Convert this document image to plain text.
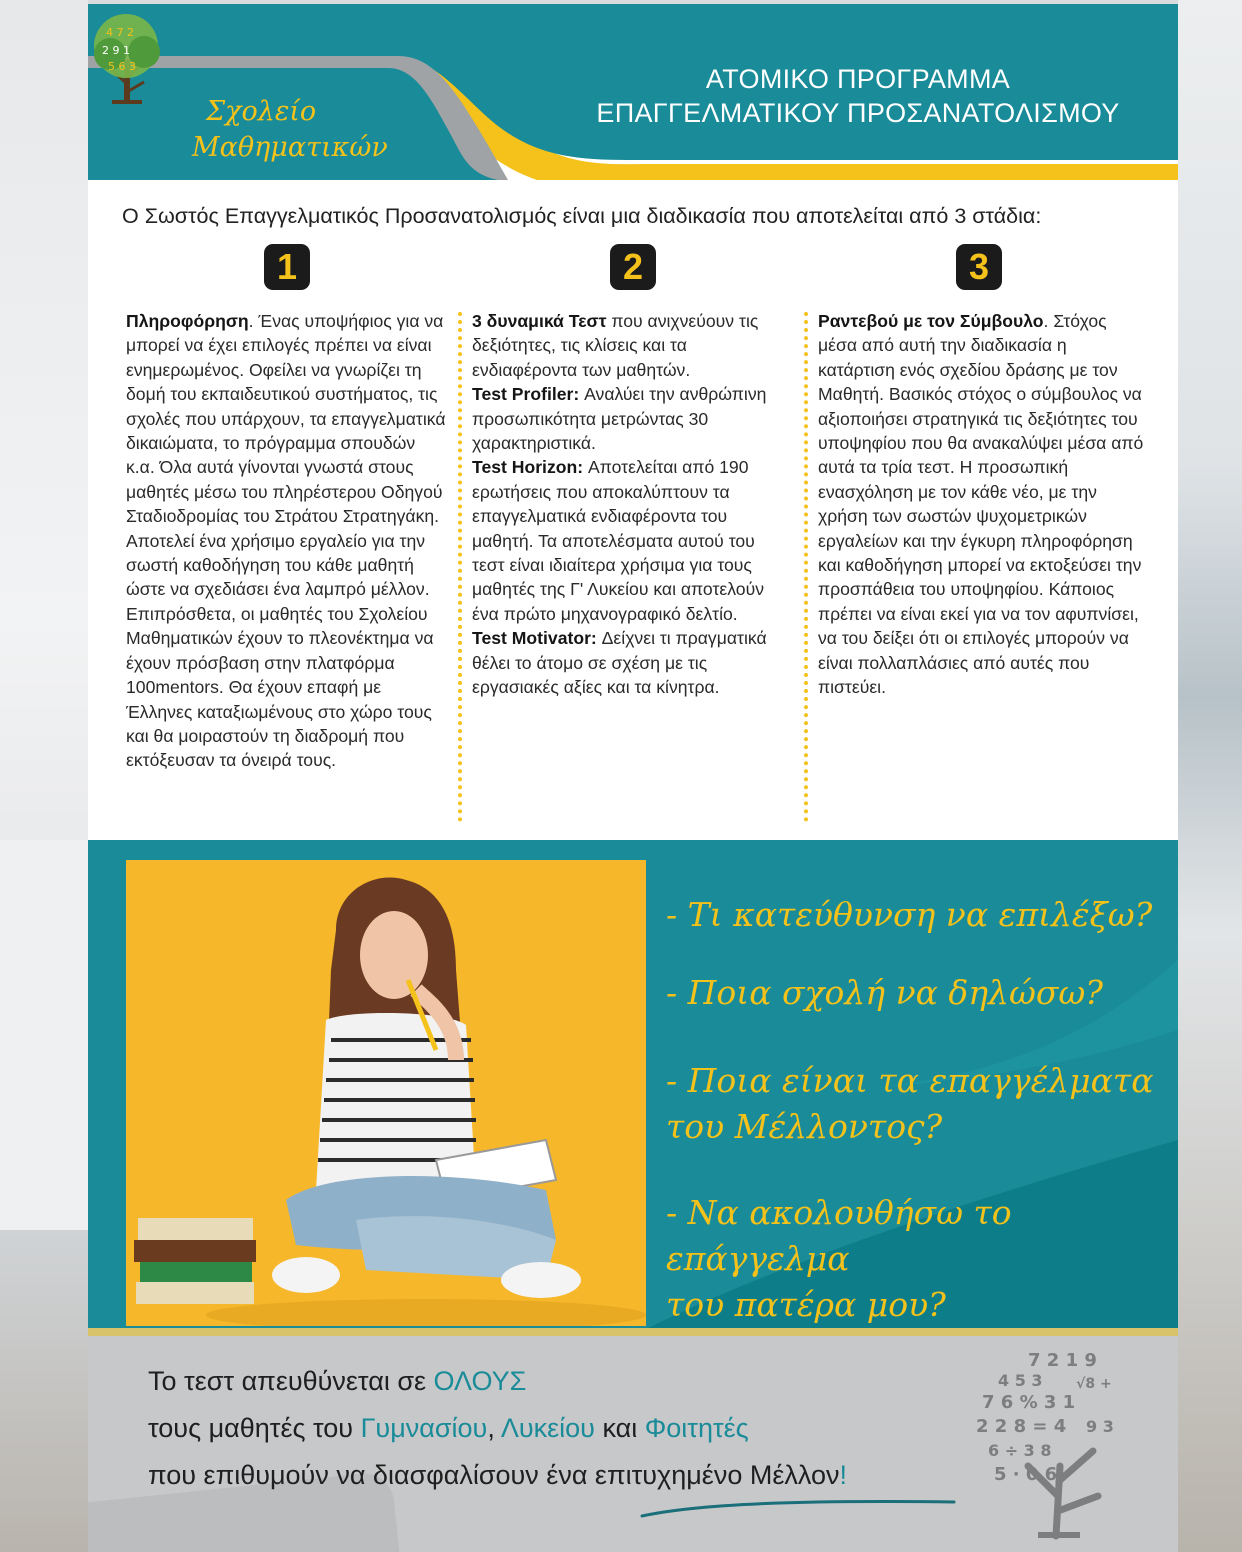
4 7 2
2 9 1
5 6 3
Σχολείο
Μαθηματικών
ΑΤΟΜΙΚΟ ΠΡΟΓΡΑΜΜΑ
ΕΠΑΓΓΕΛΜΑΤΙΚΟΥ ΠΡΟΣΑΝΑΤΟΛΙΣΜΟΥ
Ο Σωστός Επαγγελματικός Προσανατολισμός είναι μια διαδικασία που αποτελείται από 3 στάδια:
1	2	3

Πληροφόρηση. Ένας υποψήφιος για να μπορεί να έχει επιλογές πρέπει να είναι ενημερωμένος. Οφείλει να γνωρίζει τη δομή του εκπαιδευτικού συστήματος, τις σχολές που υπάρχουν, τα επαγγελματικά δικαιώματα, το πρόγραμμα σπουδών κ.α. Όλα αυτά γίνονται γνωστά στους μαθητές μέσω του πληρέστερου Οδηγού Σταδιοδρομίας του Στράτου Στρατηγάκη. Αποτελεί ένα χρήσιμο εργαλείο για την σωστή καθοδήγηση του κάθε μαθητή ώστε να σχεδιάσει ένα λαμπρό μέλλον. Επιπρόσθετα, οι μαθητές του Σχολείου Μαθηματικών έχουν το πλεονέκτημα να έχουν πρόσβαση στην πλατφόρμα 100mentors. Θα έχουν επαφή με Έλληνες καταξιωμένους στο χώρο τους και θα μοιραστούν τη διαδρομή που εκτόξευσαν τα όνειρά τους.

3 δυναμικά Τεστ που ανιχνεύουν τις δεξιότητες, τις κλίσεις και τα ενδιαφέροντα των μαθητών.

Test Profiler: Αναλύει την ανθρώπινη προσωπικότητα μετρώντας 30 χαρακτηριστικά.

Test Horizon: Αποτελείται από 190 ερωτήσεις που αποκαλύπτουν τα επαγγελματικά ενδιαφέροντα του μαθητή. Τα αποτελέσματα αυτού του τεστ είναι ιδιαίτερα χρήσιμα για τους μαθητές της Γ' Λυκείου και αποτελούν ένα πρώτο μηχανογραφικό δελτίο.

Test Motivator: Δείχνει τι πραγματικά θέλει το άτομο σε σχέση με τις εργασιακές αξίες και τα κίνητρα.

Ραντεβού με τον Σύμβουλο. Στόχος μέσα από αυτή την διαδικασία η κατάρτιση ενός σχεδίου δράσης με τον Μαθητή. Βασικός στόχος ο σύμβουλος να αξιοποιήσει στρατηγικά τις δεξιότητες του υποψηφίου που θα ανακαλύψει μέσα από αυτά τα τρία τεστ. Η προσωπική ενασχόληση με τον κάθε νέο, με την χρήση των σωστών ψυχομετρικών εργαλείων και την έγκυρη πληροφόρηση και καθοδήγηση μπορεί να εκτοξεύσει την προσπάθεια του υποψηφίου. Κάποιος πρέπει να είναι εκεί για να τον αφυπνίσει, να του δείξει ότι οι επιλογές μπορούν να είναι πολλαπλάσιες από αυτές που πιστεύει.

- Τι κατεύθυνση να επιλέξω?
- Ποια σχολή να δηλώσω?
- Ποια είναι τα επαγγέλματα
του Μέλλοντος?
- Να ακολουθήσω το επάγγελμα
του πατέρα μου?
Το τεστ απευθύνεται σε ΟΛΟΥΣ
τους μαθητές του Γυμνασίου, Λυκείου και Φοιτητές
που επιθυμούν να διασφαλίσουν ένα επιτυχημένο Μέλλον!
7 2 1 9
4 5 3 √8 +
7 6 % 3 1
2 2 8 = 4 9 3
6 ÷ 3 8
5 · 0 6
